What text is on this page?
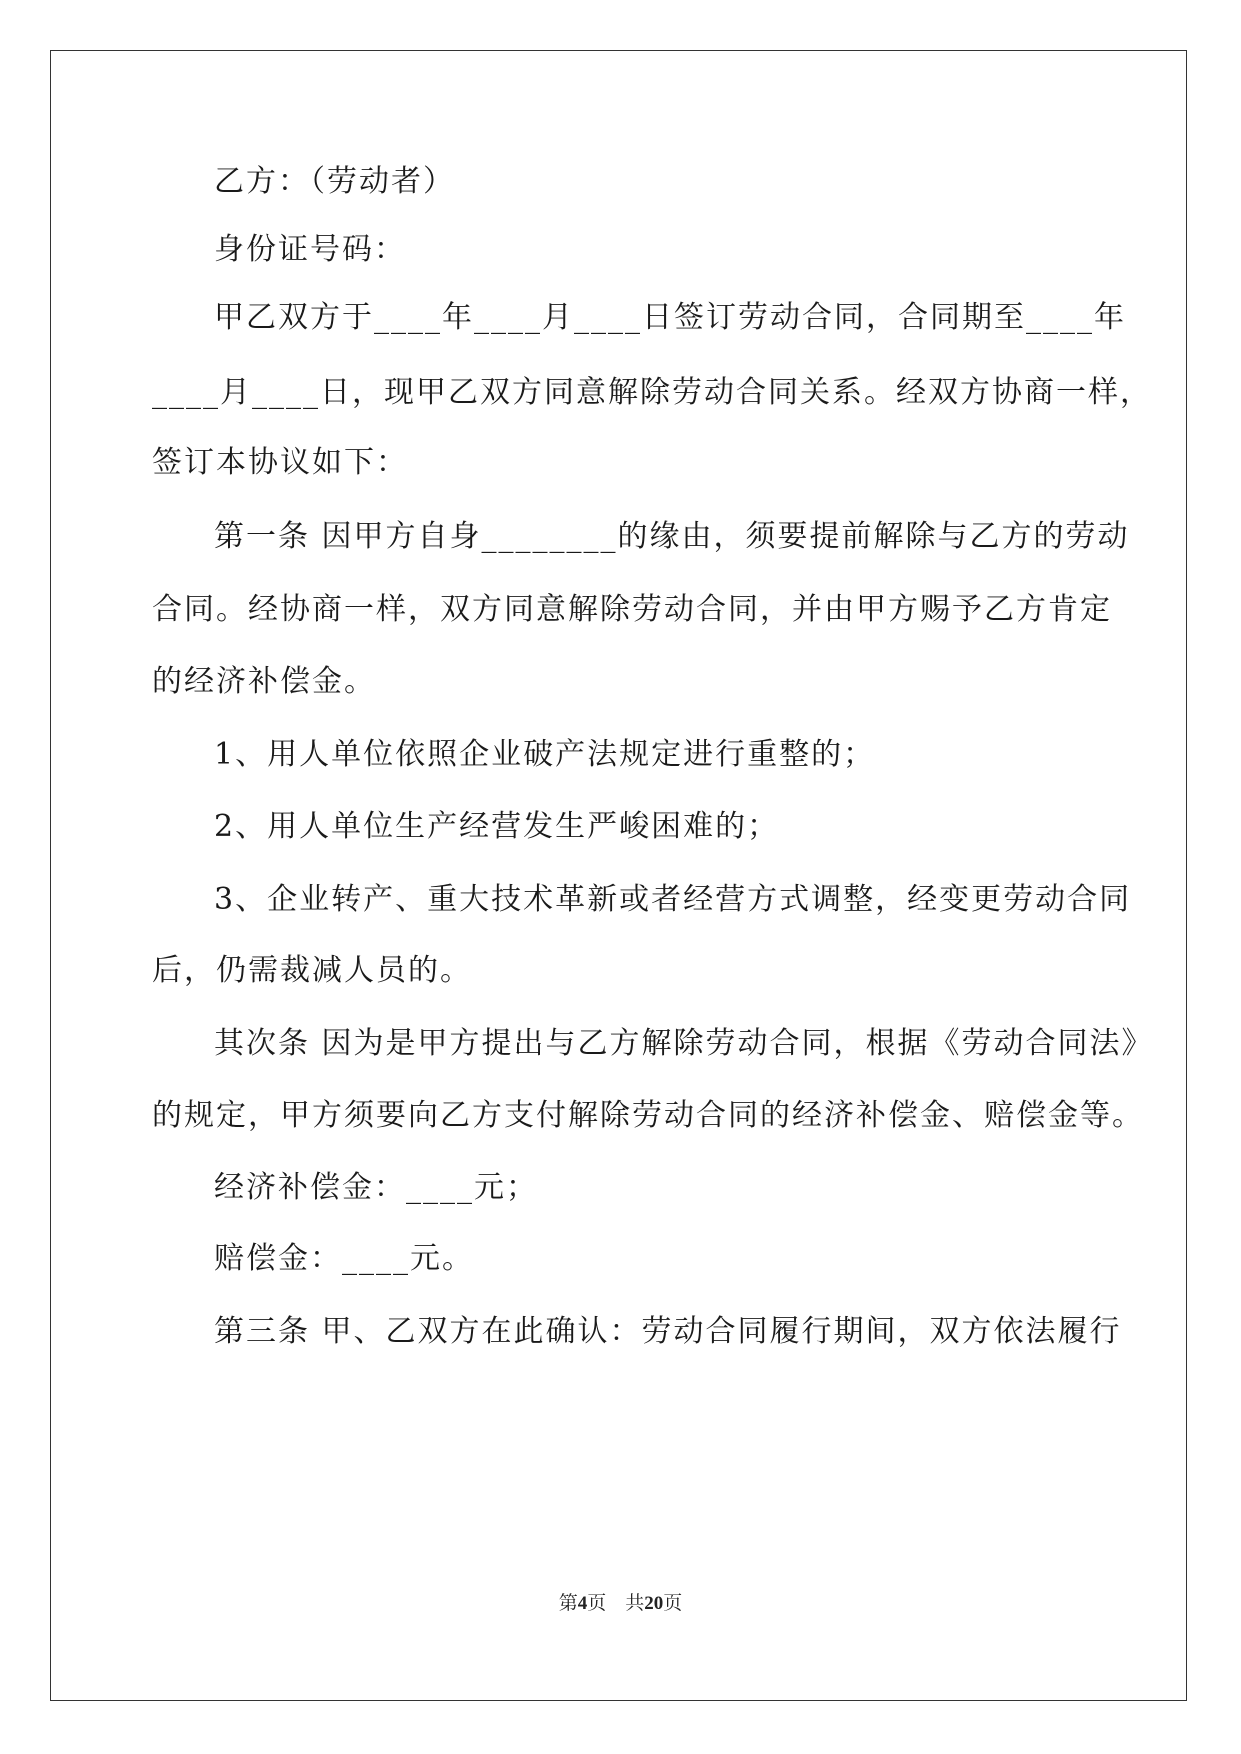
乙方：（劳动者）
身份证号码：
甲乙双方于____年____月____日签订劳动合同，合同期至____年
____月____日，现甲乙双方同意解除劳动合同关系。经双方协商一样，
签订本协议如下：
第一条 因甲方自身________的缘由，须要提前解除与乙方的劳动
合同。经协商一样，双方同意解除劳动合同，并由甲方赐予乙方肯定
的经济补偿金。
1、用人单位依照企业破产法规定进行重整的；
2、用人单位生产经营发生严峻困难的；
3、企业转产、重大技术革新或者经营方式调整，经变更劳动合同
后，仍需裁减人员的。
其次条 因为是甲方提出与乙方解除劳动合同，根据《劳动合同法》
的规定，甲方须要向乙方支付解除劳动合同的经济补偿金、赔偿金等。
经济补偿金：____元；
赔偿金：____元。
第三条 甲、乙双方在此确认：劳动合同履行期间，双方依法履行
第4页    共20页
